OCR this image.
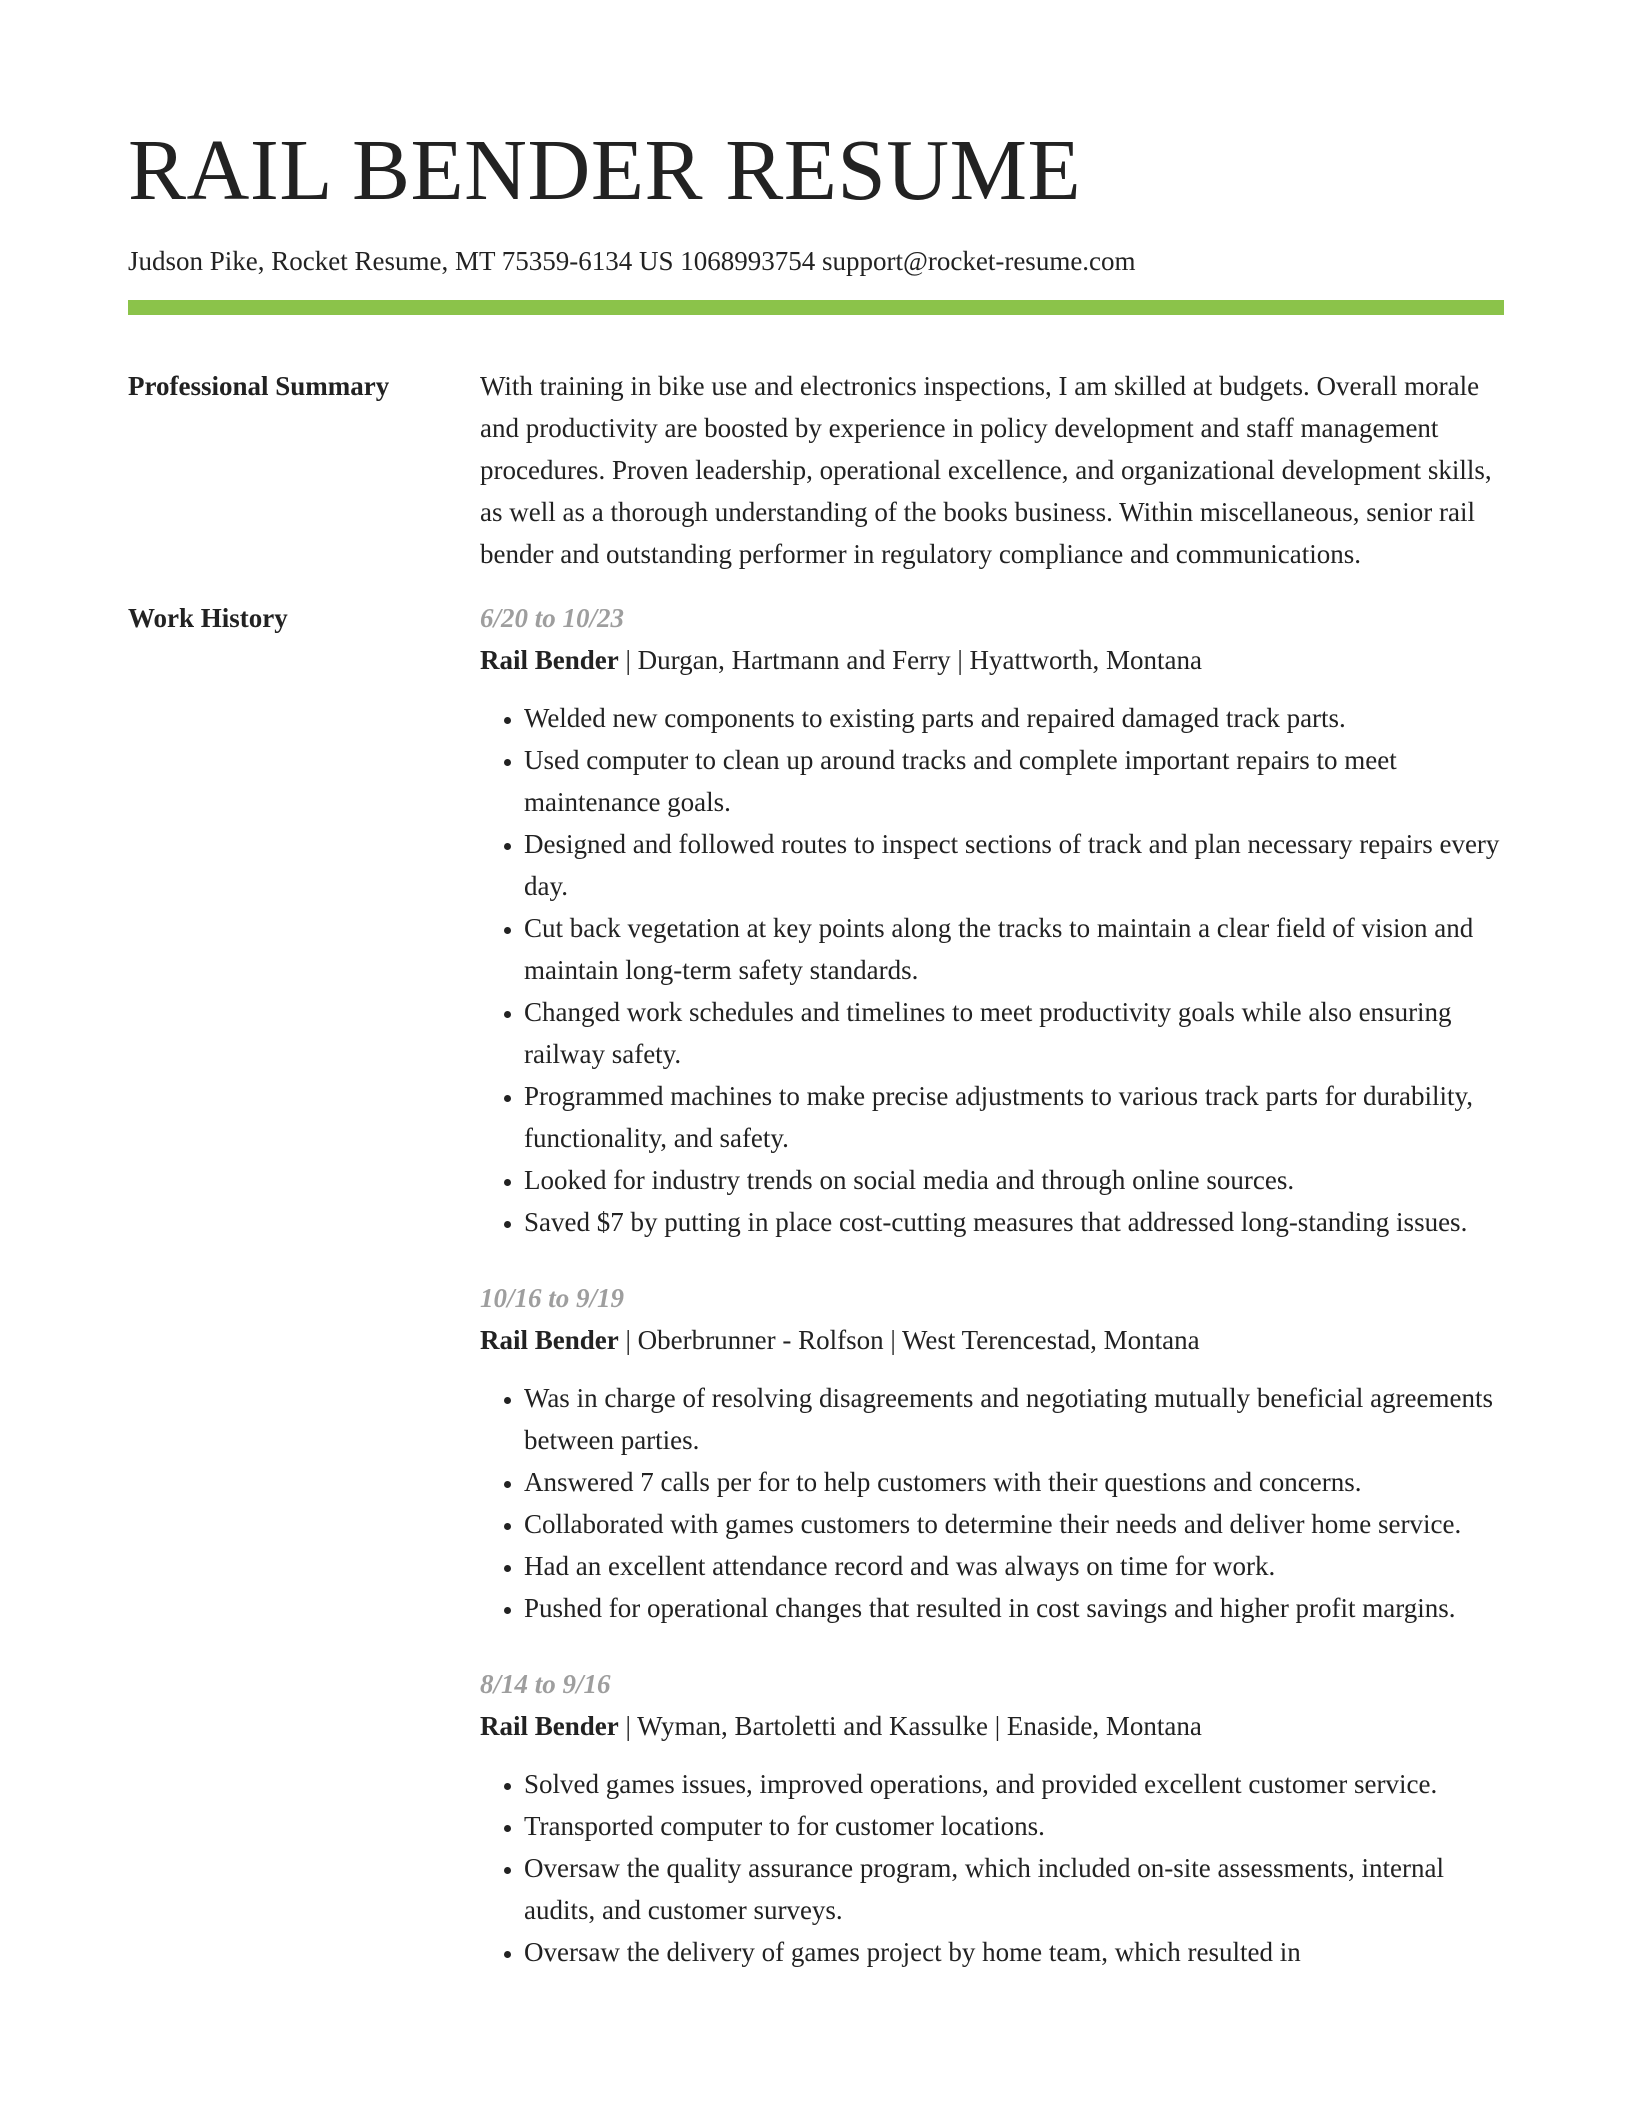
RAIL BENDER RESUME
Judson Pike, Rocket Resume, MT 75359-6134 US 1068993754 support@rocket-resume.com
Professional Summary	With training in bike use and electronics inspections, I am skilled at budgets. Overall morale and productivity are boosted by experience in policy development and staff management procedures. Proven leadership, operational excellence, and organizational development skills, as well as a thorough understanding of the books business. Within miscellaneous, senior rail bender and outstanding performer in regulatory compliance and communications.

Work History	6/20 to 10/23
Rail Bender | Durgan, Hartmann and Ferry | Hyattworth, Montana
• Welded new components to existing parts and repaired damaged track parts.
• Used computer to clean up around tracks and complete important repairs to meet maintenance goals.
• Designed and followed routes to inspect sections of track and plan necessary repairs every day.
• Cut back vegetation at key points along the tracks to maintain a clear field of vision and maintain long-term safety standards.
• Changed work schedules and timelines to meet productivity goals while also ensuring railway safety.
• Programmed machines to make precise adjustments to various track parts for durability, functionality, and safety.
• Looked for industry trends on social media and through online sources.
• Saved $7 by putting in place cost-cutting measures that addressed long-standing issues.
10/16 to 9/19
Rail Bender | Oberbrunner - Rolfson | West Terencestad, Montana
• Was in charge of resolving disagreements and negotiating mutually beneficial agreements between parties.
• Answered 7 calls per for to help customers with their questions and concerns.
• Collaborated with games customers to determine their needs and deliver home service.
• Had an excellent attendance record and was always on time for work.
• Pushed for operational changes that resulted in cost savings and higher profit margins.
8/14 to 9/16
Rail Bender | Wyman, Bartoletti and Kassulke | Enaside, Montana
• Solved games issues, improved operations, and provided excellent customer service.
• Transported computer to for customer locations.
• Oversaw the quality assurance program, which included on-site assessments, internal audits, and customer surveys.
• Oversaw the delivery of games project by home team, which resulted in
